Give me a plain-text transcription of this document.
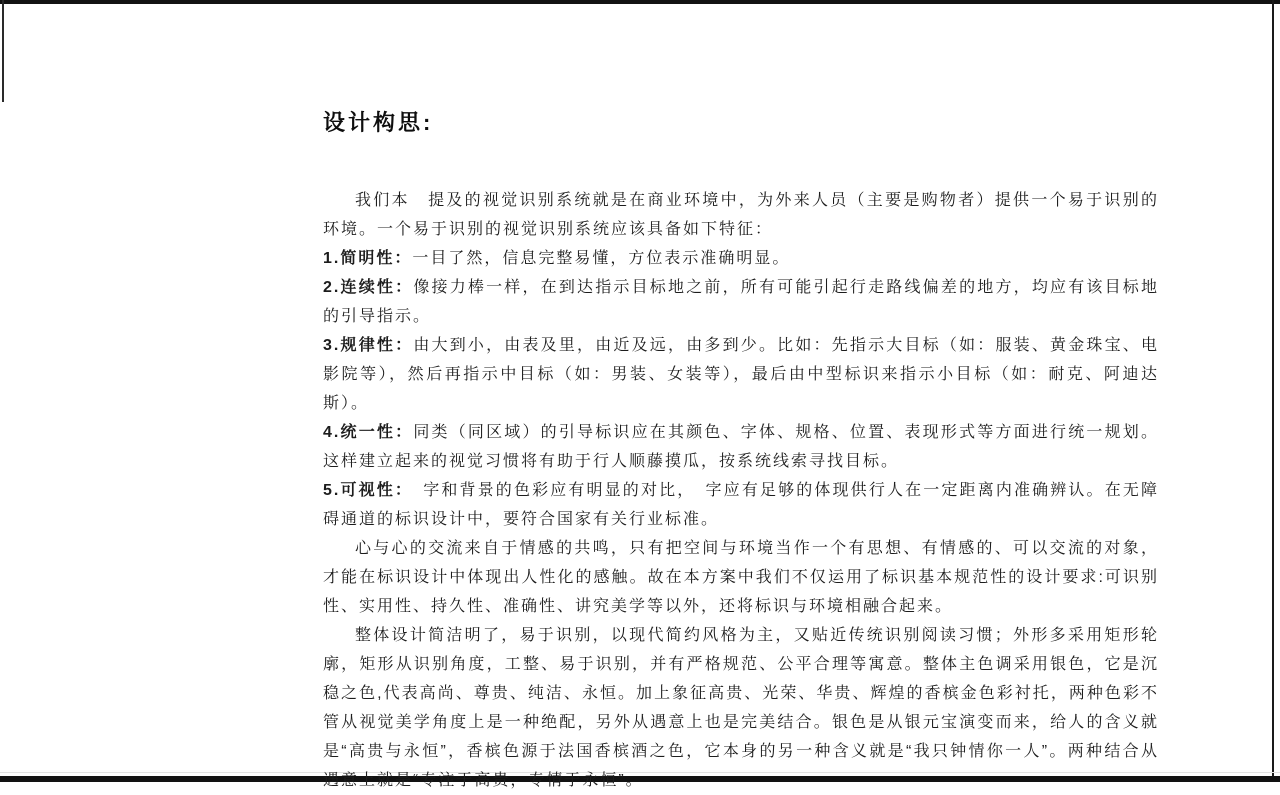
设计构思:

我们本　提及的视觉识别系统就是在商业环境中，为外来人员（主要是购物者）提供一个易于识别的环境。一个易于识别的视觉识别系统应该具备如下特征：

1.简明性：一目了然，信息完整易懂，方位表示准确明显。

2.连续性：像接力棒一样，在到达指示目标地之前，所有可能引起行走路线偏差的地方，均应有该目标地的引导指示。

3.规律性：由大到小，由表及里，由近及远，由多到少。比如：先指示大目标（如：服装、黄金珠宝、电影院等），然后再指示中目标（如：男装、女装等），最后由中型标识来指示小目标（如：耐克、阿迪达斯）。

4.统一性：同类（同区域）的引导标识应在其颜色、字体、规格、位置、表现形式等方面进行统一规划。这样建立起来的视觉习惯将有助于行人顺藤摸瓜，按系统线索寻找目标。

5.可视性：　字和背景的色彩应有明显的对比，　字应有足够的体现供行人在一定距离内准确辨认。在无障碍通道的标识设计中，要符合国家有关行业标准。

心与心的交流来自于情感的共鸣，只有把空间与环境当作一个有思想、有情感的、可以交流的对象，才能在标识设计中体现出人性化的感触。故在本方案中我们不仅运用了标识基本规范性的设计要求:可识别性、实用性、持久性、准确性、讲究美学等以外，还将标识与环境相融合起来。

整体设计简洁明了，易于识别，以现代简约风格为主，又贴近传统识别阅读习惯；外形多采用矩形轮廓，矩形从识别角度，工整、易于识别，并有严格规范、公平合理等寓意。整体主色调采用银色，它是沉稳之色,代表高尚、尊贵、纯洁、永恒。加上象征高贵、光荣、华贵、辉煌的香槟金色彩衬托，两种色彩不管从视觉美学角度上是一种绝配，另外从遇意上也是完美结合。银色是从银元宝演变而来，给人的含义就是“高贵与永恒”，香槟色源于法国香槟酒之色，它本身的另一种含义就是“我只钟情你一人”。两种结合从遇意上就是“专注于高贵，专情于永恒”。
